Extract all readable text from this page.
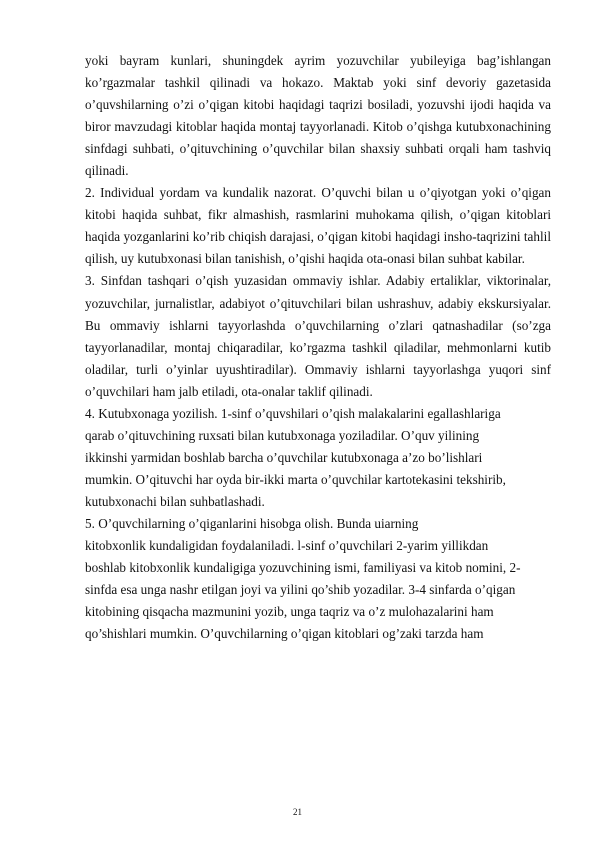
yoki bayram kunlari, shuningdek ayrim yozuvchilar yubileyiga bag’ishlangan ko’rgazmalar tashkil qilinadi va hokazo. Maktab yoki sinf devoriy gazetasida o’quvshilarning o’zi o’qigan kitobi haqidagi taqrizi bosiladi, yozuvshi ijodi haqida va biror mavzudagi kitoblar haqida montaj tayyorlanadi. Kitob o’qishga kutubxonachining sinfdagi suhbati, o’qituvchining o’quvchilar bilan shaxsiy suhbati orqali ham tashviq qilinadi.

2. Individual yordam va kundalik nazorat. O’quvchi bilan u o’qiyotgan yoki o’qigan kitobi haqida suhbat, fikr almashish, rasmlarini muhokama qilish, o’qigan kitoblari haqida yozganlarini ko’rib chiqish darajasi, o’qigan kitobi haqidagi insho-taqrizini tahlil qilish, uy kutubxonasi bilan tanishish, o’qishi haqida ota-onasi bilan suhbat kabilar.

3. Sinfdan tashqari o’qish yuzasidan ommaviy ishlar. Adabiy ertaliklar, viktorinalar, yozuvchilar, jurnalistlar, adabiyot o’qituvchilari bilan ushrashuv, adabiy ekskursiyalar. Bu ommaviy ishlarni tayyorlashda o’quvchilarning o’zlari qatnashadilar (so’zga tayyorlanadilar, montaj chiqaradilar, ko’rgazma tashkil qiladilar, mehmonlarni kutib oladilar, turli o’yinlar uyushtiradilar). Ommaviy ishlarni tayyorlashga yuqori sinf o’quvchilari ham jalb etiladi, ota-onalar taklif qilinadi.

4. Kutubxonaga yozilish. 1-sinf o’quvshilari o’qish malakalarini egallashlariga

qarab o’qituvchining ruxsati bilan kutubxonaga yoziladilar. O’quv yilining

ikkinshi yarmidan boshlab barcha o’quvchilar kutubxonaga a’zo bo’lishlari

mumkin. O’qituvchi har oyda bir-ikki marta o’quvchilar kartotekasini tekshirib,

kutubxonachi bilan suhbatlashadi.

5. O’quvchilarning o’qiganlarini hisobga olish. Bunda uiarning

kitobxonlik kundaligidan foydalaniladi. l-sinf o’quvchilari 2-yarim yillikdan

boshlab kitobxonlik kundaligiga yozuvchining ismi, familiyasi va kitob nomini, 2-

sinfda esa unga nashr etilgan joyi va yilini qo’shib yozadilar. 3-4 sinfarda o’qigan

kitobining qisqacha mazmunini yozib, unga taqriz va o’z mulohazalarini ham

qo’shishlari mumkin. O’quvchilarning o’qigan kitoblari og’zaki tarzda ham

21
